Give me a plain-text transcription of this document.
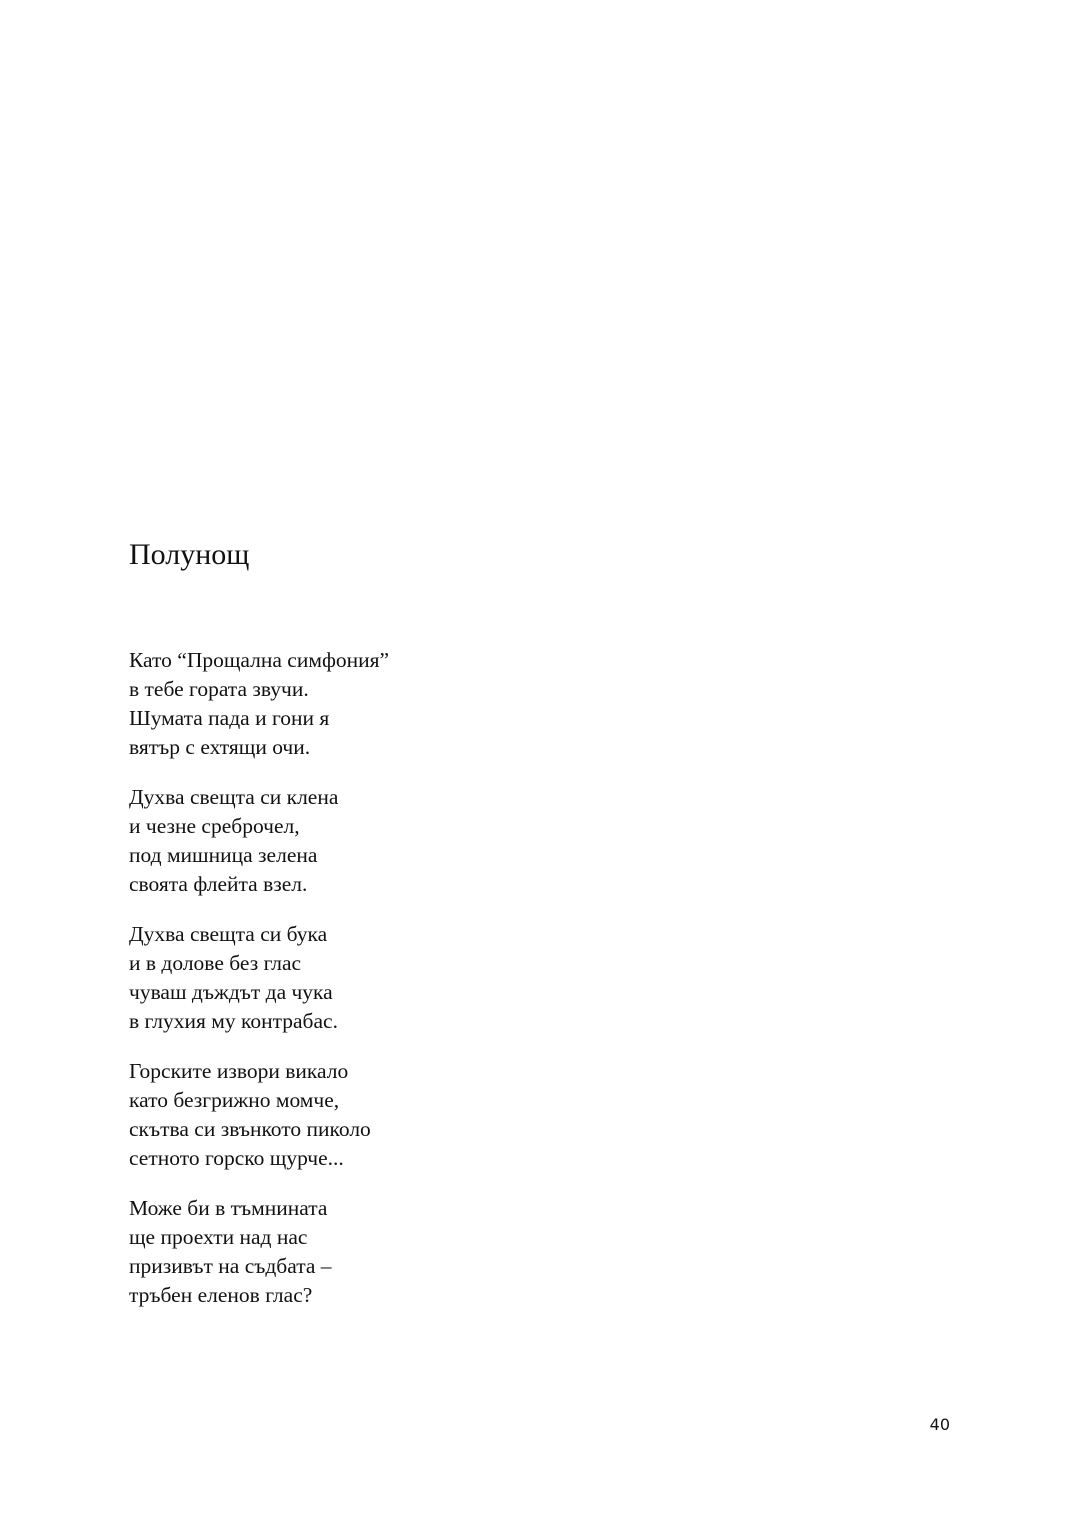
Полунощ
Като “Прощална симфония”
в тебе гората звучи.
Шумата пада и гони я
вятър с ехтящи очи.
Духва свещта си клена
и чезне среброчел,
под мишница зелена
своята флейта взел.
Духва свещта си бука
и в долове без глас
чуваш дъждът да чука
в глухия му контрабас.
Горските извори викало
като безгрижно момче,
скътва си звънкото пиколо
сетното горско щурче...
Може би в тъмнината
ще проехти над нас
призивът на съдбата –
тръбен еленов глас?
40
